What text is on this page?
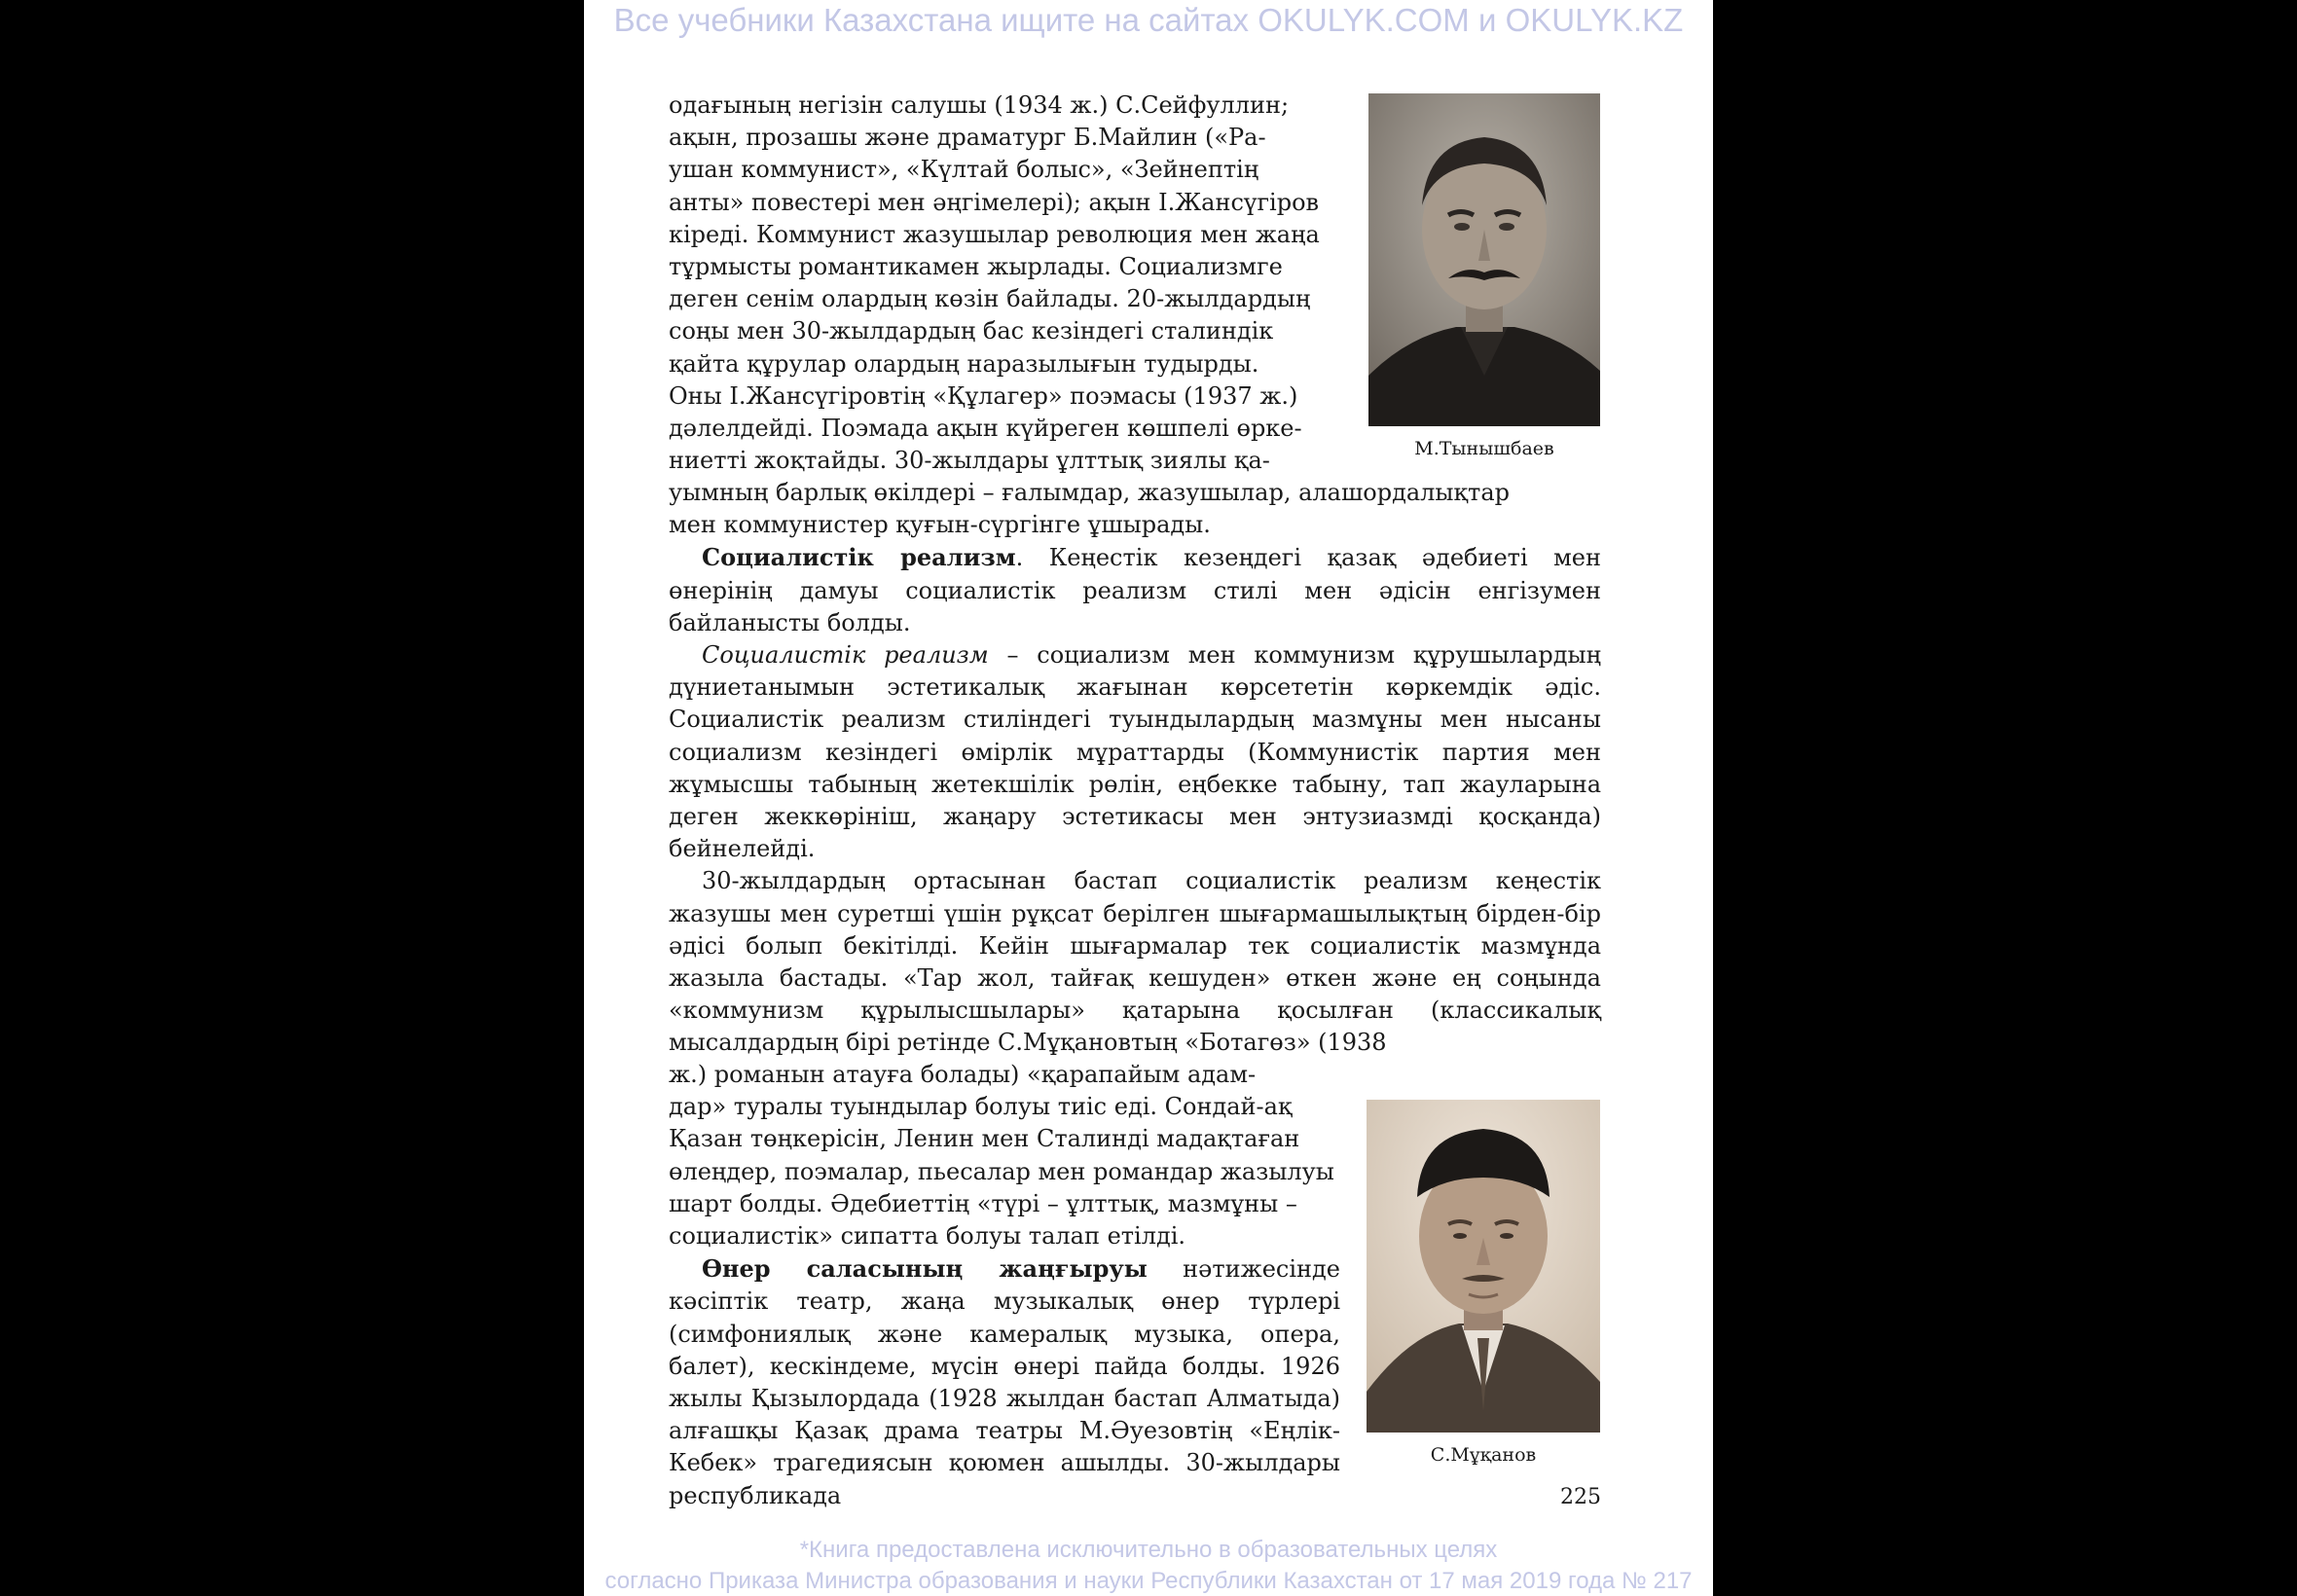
Все учебники Казахстана ищите на сайтах OKULYK.COM и OKULYK.KZ

одағының негізін салушы (1934 ж.) С.Сейфуллин;

ақын, прозашы және драматург Б.Майлин («Ра-

ушан коммунист», «Күлтай болыс», «Зейнептің

анты» повестері мен әңгімелері); ақын І.Жансүгіров

кіреді. Коммунист жазушылар революция мен жаңа

тұрмысты романтикамен жырлады. Социализмге

деген сенім олардың көзін байлады. 20-жылдардың

соңы мен 30-жылдардың бас кезіндегі сталиндік

қайта құрулар олардың наразылығын тудырды.

Оны І.Жансүгіровтің «Құлагер» поэмасы (1937 ж.)

дәлелдейді. Поэмада ақын күйреген көшпелі өрке-

ниетті жоқтайды. 30-жылдары ұлттық зиялы қа-

уымның барлық өкілдері – ғалымдар, жазушылар, алашордалықтар

мен коммунистер қуғын-сүргінге ұшырады.

Социалистік реализм. Кеңестік кезеңдегі қазақ әдебиеті мен өнерінің дамуы социалистік реализм стилі мен әдісін енгізумен байланысты болды.

Социалистік реализм – социализм мен коммунизм құрушылардың дүниетанымын эстетикалық жағынан көрсететін көркемдік әдіс. Социалистік реализм стиліндегі туындылардың мазмұны мен нысаны социализм кезіндегі өмірлік мұраттарды (Коммунистік партия мен жұмысшы табының жетекшілік рөлін, еңбекке табыну, тап жауларына деген жеккөрініш, жаңару эстетикасы мен энтузиазмді қосқанда) бейнелейді.

30-жылдардың ортасынан бастап социалистік реализм кеңестік жазушы мен суретші үшін рұқсат берілген шығармашылықтың бірден-бір әдісі болып бекітілді. Кейін шығармалар тек социалистік мазмұнда жазыла бастады. «Тар жол, тайғақ кешуден» өткен және ең соңында «коммунизм құрылысшылары» қатарына қосылған (классикалық мысалдардың бірі ретінде С.Мұқановтың «Ботагөз» (1938

ж.) романын атауға болады) «қарапайым адам-

дар» туралы туындылар болуы тиіс еді. Сондай-ақ

Қазан төңкерісін, Ленин мен Сталинді мадақтаған

өлеңдер, поэмалар, пьесалар мен романдар жазылуы

шарт болды. Әдебиеттің «түрі – ұлттық, мазмұны –

социалистік» сипатта болуы талап етілді.

Өнер саласының жаңғыруы нәтижесінде кәсіптік театр, жаңа музыкалық өнер түрлері (симфониялық және камералық музыка, опера, балет), кескіндеме, мүсін өнері пайда болды. 1926 жылы Қызылордада (1928 жылдан бастап Алматыда) алғашқы Қазақ драма театры М.Әуезовтің «Еңлік-Кебек» трагедиясын қоюмен ашылды. 30-жылдары республикада

М.Тынышбаев
С.Мұқанов
225
*Книга предоставлена исключительно в образовательных целях
согласно Приказа Министра образования и науки Республики Казахстан от 17 мая 2019 года № 217
